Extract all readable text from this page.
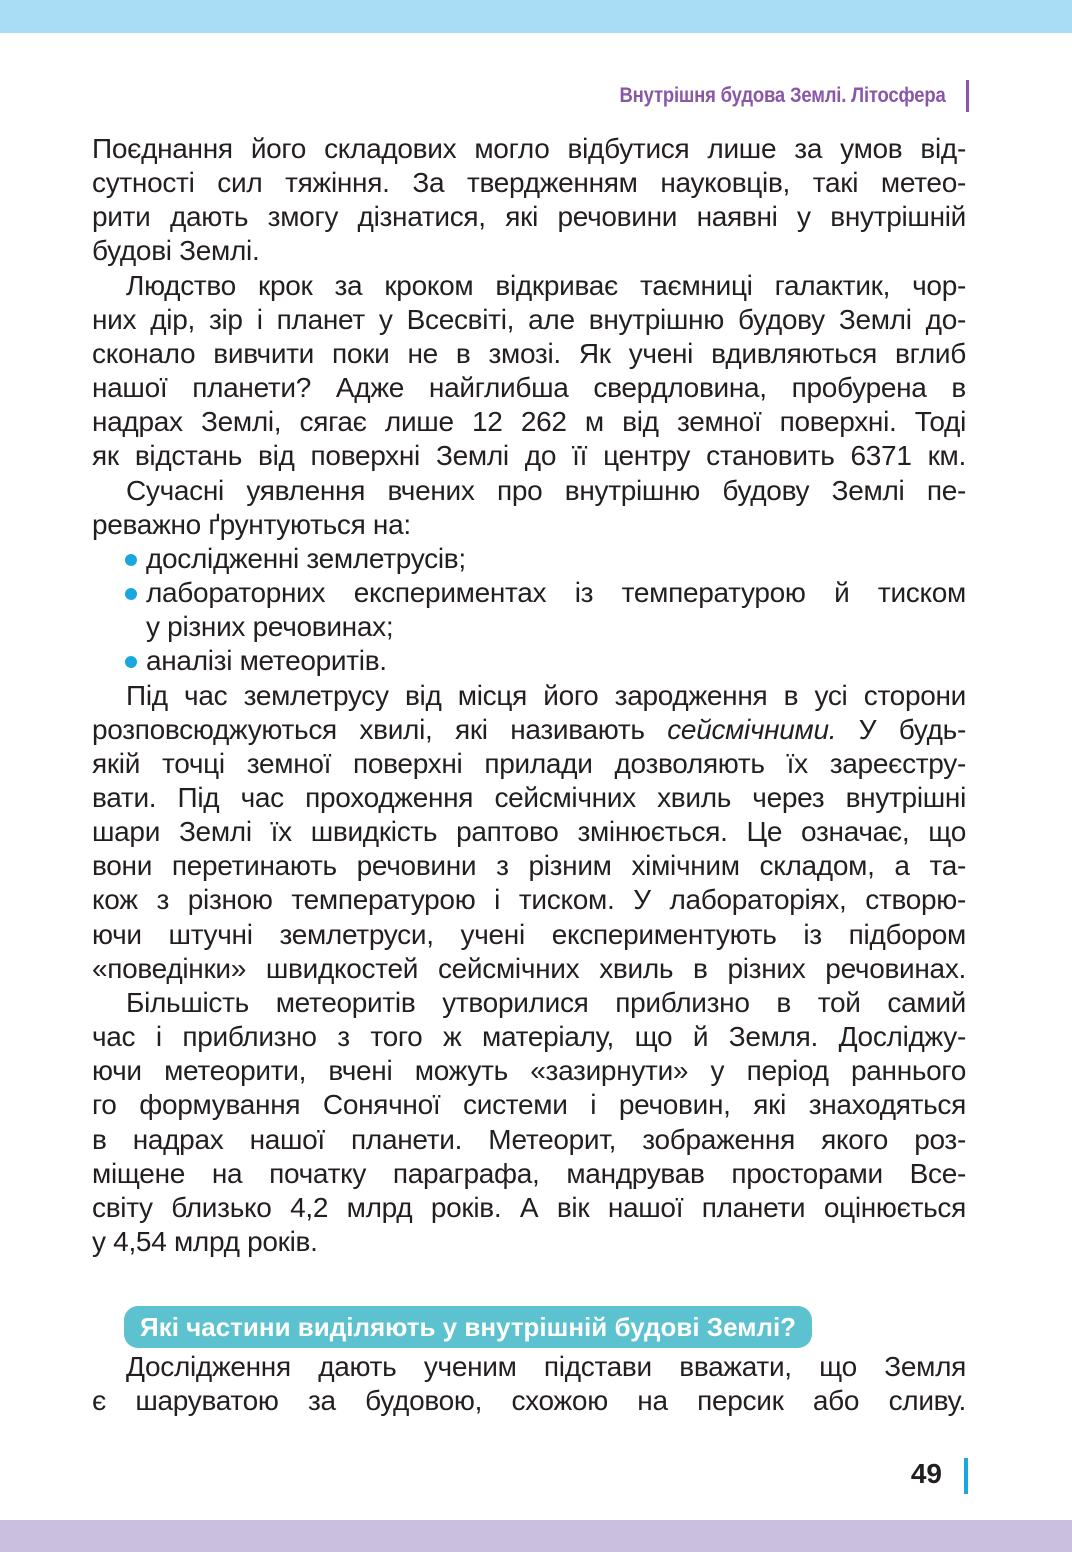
Внутрішня будова Землі. Літосфера

Поєднання його складових могло відбутися лише за умов від-
сутності сил тяжіння. За твердженням науковців, такі метео-
рити дають змогу дізнатися, які речовини наявні у внутрішній
будові Землі.

Людство крок за кроком відкриває таємниці галактик, чор-
них дір, зір і планет у Всесвіті, але внутрішню будову Землі до-
сконало вивчити поки не в змозі. Як учені вдивляються вглиб
нашої планети? Адже найглибша свердловина, пробурена в
надрах Землі, сягає лише 12 262 м від земної поверхні. Тоді
як відстань від поверхні Землі до її центру становить 6371 км.

Сучасні уявлення вчених про внутрішню будову Землі пе-
реважно ґрунтуються на:

дослідженні землетрусів;
лабораторних експериментах із температурою й тиском
у різних речовинах;
аналізі метеоритів.

Під час землетрусу від місця його зародження в усі сторони
розповсюджуються хвилі, які називають сейсмічними. У будь-
якій точці земної поверхні прилади дозволяють їх зареєстру-
вати. Під час проходження сейсмічних хвиль через внутрішні
шари Землі їх швидкість раптово змінюється. Це означає, що
вони перетинають речовини з різним хімічним складом, а та-
кож з різною температурою і тиском. У лабораторіях, створю-
ючи штучні землетруси, учені експериментують із підбором
«поведінки» швидкостей сейсмічних хвиль в різних речовинах.

Більшість метеоритів утворилися приблизно в той самий
час і приблизно з того ж матеріалу, що й Земля. Досліджу-
ючи метеорити, вчені можуть «зазирнути» у період раннього
го формування Сонячної системи і речовин, які знаходяться
в надрах нашої планети. Метеорит, зображення якого роз-
міщене на початку параграфа, мандрував просторами Все-
світу близько 4,2 млрд років. А вік нашої планети оцінюється
у 4,54 млрд років.

Які частини виділяють у внутрішній будові Землі?

Дослідження дають ученим підстави вважати, що Земля
є шаруватою за будовою, схожою на персик або сливу.

49
